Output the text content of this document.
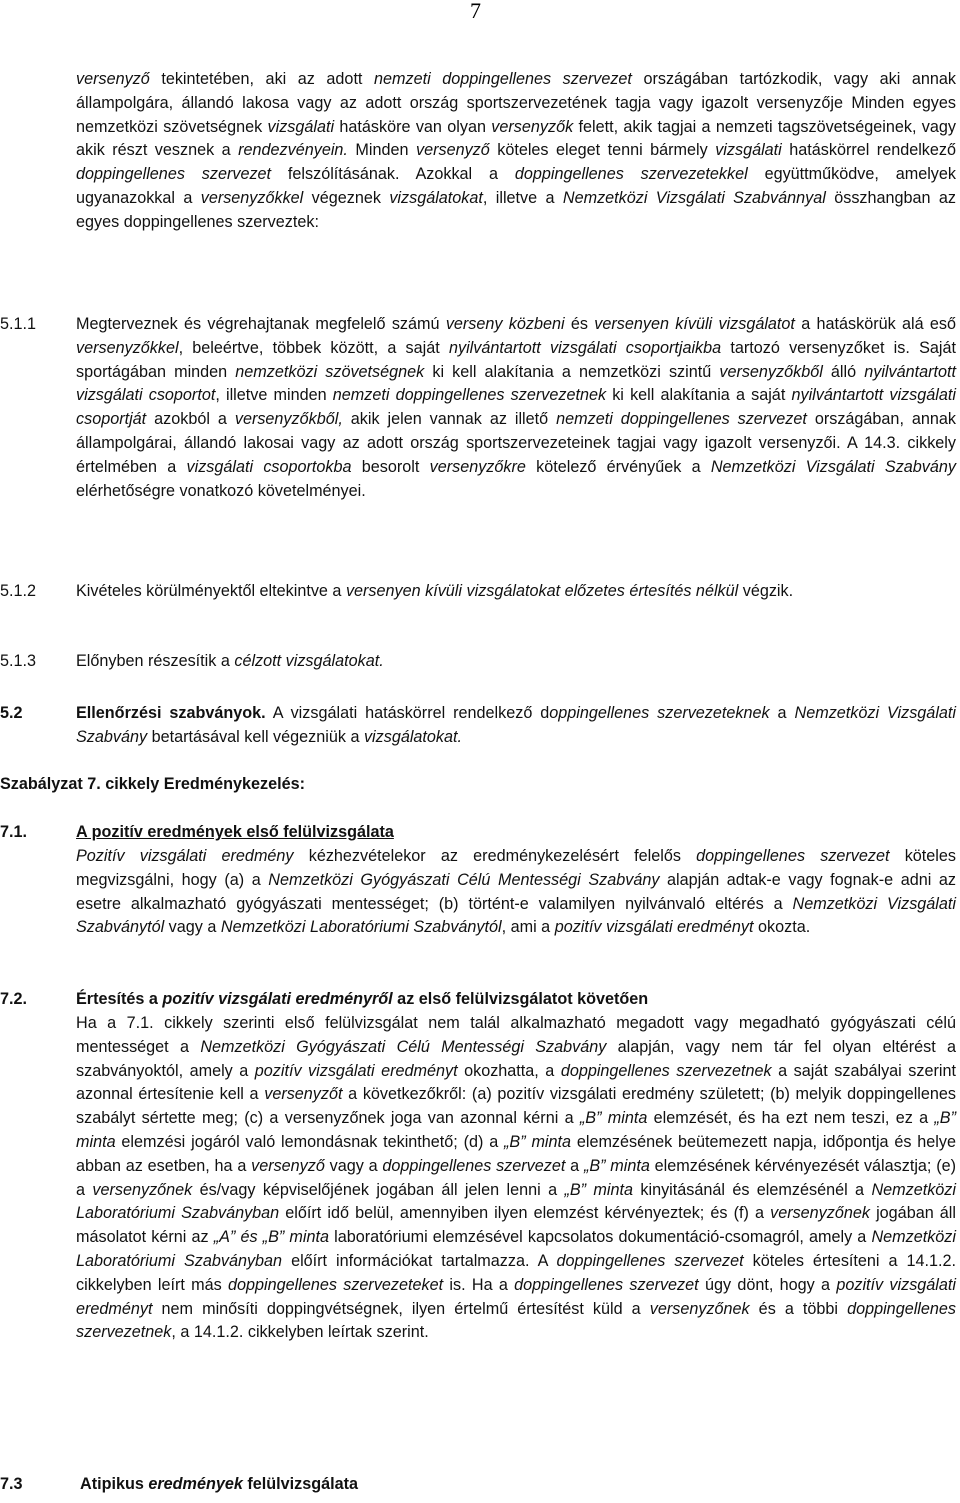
7
versenyző tekintetében, aki az adott nemzeti doppingellenes szervezet országában tartózkodik, vagy aki annak állampolgára, állandó lakosa vagy az adott ország sportszervezetének tagja vagy igazolt versenyzője Minden egyes nemzetközi szövetségnek vizsgálati hatásköre van olyan versenyzők felett, akik tagjai a nemzeti tagszövetségeinek, vagy akik részt vesznek a rendezvényein. Minden versenyző köteles eleget tenni bármely vizsgálati hatáskörrel rendelkező doppingellenes szervezet felszólításának. Azokkal a doppingellenes szervezetekkel együttműködve, amelyek ugyanazokkal a versenyzőkkel végeznek vizsgálatokat, illetve a Nemzetközi Vizsgálati Szabvánnyal összhangban az egyes doppingellenes szerveztek:
5.1.1 Megterveznek és végrehajtanak megfelelő számú verseny közbeni és versenyen kívüli vizsgálatot a hatáskörük alá eső versenyzőkkel, beleértve, többek között, a saját nyilvántartott vizsgálati csoportjaikba tartozó versenyzőket is. Saját sportágában minden nemzetközi szövetségnek ki kell alakítania a nemzetközi szintű versenyzőkből álló nyilvántartott vizsgálati csoportot, illetve minden nemzeti doppingellenes szervezetnek ki kell alakítania a saját nyilvántartott vizsgálati csoportját azokból a versenyzőkből, akik jelen vannak az illető nemzeti doppingellenes szervezet országában, annak állampolgárai, állandó lakosai vagy az adott ország sportszervezeteinek tagjai vagy igazolt versenyzői. A 14.3. cikkely értelmében a vizsgálati csoportokba besorolt versenyzőkre kötelező érvényűek a Nemzetközi Vizsgálati Szabvány elérhetőségre vonatkozó követelményei.
5.1.2 Kivételes körülményektől eltekintve a versenyen kívüli vizsgálatokat előzetes értesítés nélkül végzik.
5.1.3 Előnyben részesítik a célzott vizsgálatokat.
5.2	Ellenőrzési szabványok. A vizsgálati hatáskörrel rendelkező doppingellenes szervezeteknek a Nemzetközi Vizsgálati Szabvány betartásával kell végezniük a vizsgálatokat.
Szabályzat 7. cikkely Eredménykezelés:
7.1.	A pozitív eredmények első felülvizsgálata
Pozitív vizsgálati eredmény kézhezvételekor az eredménykezelésért felelős doppingellenes szervezet köteles megvizsgálni, hogy (a) a Nemzetközi Gyógyászati Célú Mentességi Szabvány alapján adtak-e vagy fognak-e adni az esetre alkalmazható gyógyászati mentességet; (b) történt-e valamilyen nyilvánvaló eltérés a Nemzetközi Vizsgálati Szabványtól vagy a Nemzetközi Laboratóriumi Szabványtól, ami a pozitív vizsgálati eredményt okozta.
7.2.	Értesítés a pozitív vizsgálati eredményről az első felülvizsgálatot követően
Ha a 7.1. cikkely szerinti első felülvizsgálat nem talál alkalmazható megadott vagy megadható gyógyászati célú mentességet a Nemzetközi Gyógyászati Célú Mentességi Szabvány alapján, vagy nem tár fel olyan eltérést a szabványoktól, amely a pozitív vizsgálati eredményt okozhatta, a doppingellenes szervezetnek a saját szabályai szerint azonnal értesítenie kell a versenyzőt a következőkről: (a) pozitív vizsgálati eredmény született; (b) melyik doppingellenes szabályt sértette meg; (c) a versenyzőnek joga van azonnal kérni a „B” minta elemzését, és ha ezt nem teszi, ez a „B” minta elemzési jogáról való lemondásnak tekinthető; (d) a „B” minta elemzésének beütemezett napja, időpontja és helye abban az esetben, ha a versenyző vagy a doppingellenes szervezet a „B” minta elemzésének kérvényezését választja; (e) a versenyzőnek és/vagy képviselőjének jogában áll jelen lenni a „B” minta kinyitásánál és elemzésénél a Nemzetközi Laboratóriumi Szabványban előírt idő belül, amennyiben ilyen elemzést kérvényeztek; és (f) a versenyzőnek jogában áll másolatot kérni az „A” és „B” minta laboratóriumi elemzésével kapcsolatos dokumentáció-csomagról, amely a Nemzetközi Laboratóriumi Szabványban előírt információkat tartalmazza. A doppingellenes szervezet köteles értesíteni a 14.1.2. cikkelyben leírt más doppingellenes szervezeteket is. Ha a doppingellenes szervezet úgy dönt, hogy a pozitív vizsgálati eredményt nem minősíti doppingvétségnek, ilyen értelmű értesítést küld a versenyzőnek és a többi doppingellenes szervezetnek, a 14.1.2. cikkelyben leírtak szerint.
7.3	Atipikus eredmények felülvizsgálata
